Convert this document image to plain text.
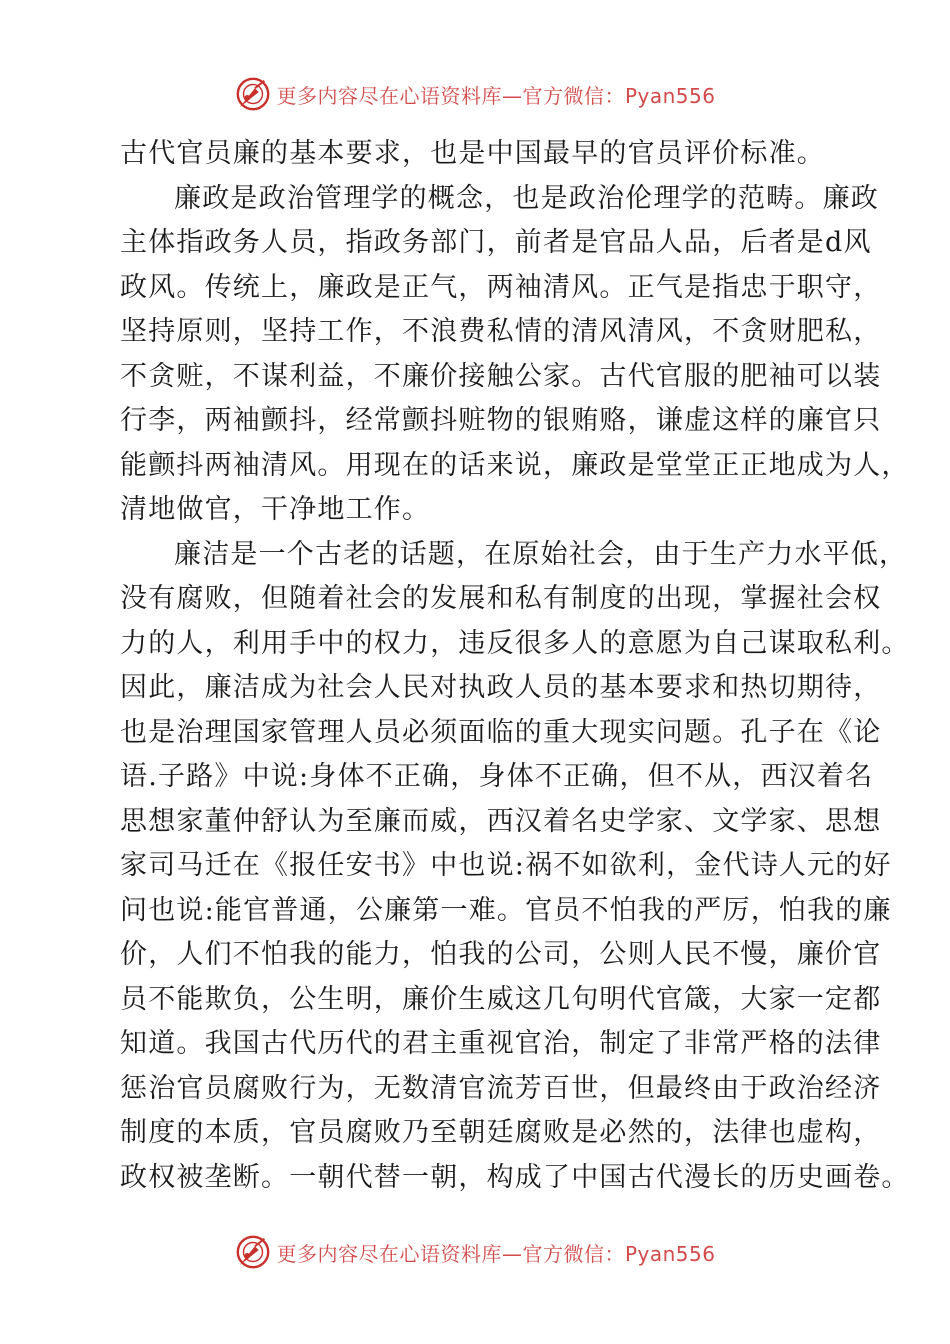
更多内容尽在心语资料库—官方微信：Pyan556
古代官员廉的基本要求，也是中国最早的官员评价标准。
廉政是政治管理学的概念，也是政治伦理学的范畴。廉政
主体指政务人员，指政务部门，前者是官品人品，后者是d风
政风。传统上，廉政是正气，两袖清风。正气是指忠于职守，
坚持原则，坚持工作，不浪费私情的清风清风，不贪财肥私，
不贪赃，不谋利益，不廉价接触公家。古代官服的肥袖可以装
行李，两袖颤抖，经常颤抖赃物的银贿赂，谦虚这样的廉官只
能颤抖两袖清风。用现在的话来说，廉政是堂堂正正地成为人，
清地做官，干净地工作。
廉洁是一个古老的话题，在原始社会，由于生产力水平低，
没有腐败，但随着社会的发展和私有制度的出现，掌握社会权
力的人，利用手中的权力，违反很多人的意愿为自己谋取私利。
因此，廉洁成为社会人民对执政人员的基本要求和热切期待，
也是治理国家管理人员必须面临的重大现实问题。孔子在《论
语.子路》中说:身体不正确，身体不正确，但不从，西汉着名
思想家董仲舒认为至廉而威，西汉着名史学家、文学家、思想
家司马迁在《报任安书》中也说:祸不如欲利，金代诗人元的好
问也说:能官普通，公廉第一难。官员不怕我的严厉，怕我的廉
价，人们不怕我的能力，怕我的公司，公则人民不慢，廉价官
员不能欺负，公生明，廉价生威这几句明代官箴，大家一定都
知道。我国古代历代的君主重视官治，制定了非常严格的法律
惩治官员腐败行为，无数清官流芳百世，但最终由于政治经济
制度的本质，官员腐败乃至朝廷腐败是必然的，法律也虚构，
政权被垄断。一朝代替一朝，构成了中国古代漫长的历史画卷。
更多内容尽在心语资料库—官方微信：Pyan556
